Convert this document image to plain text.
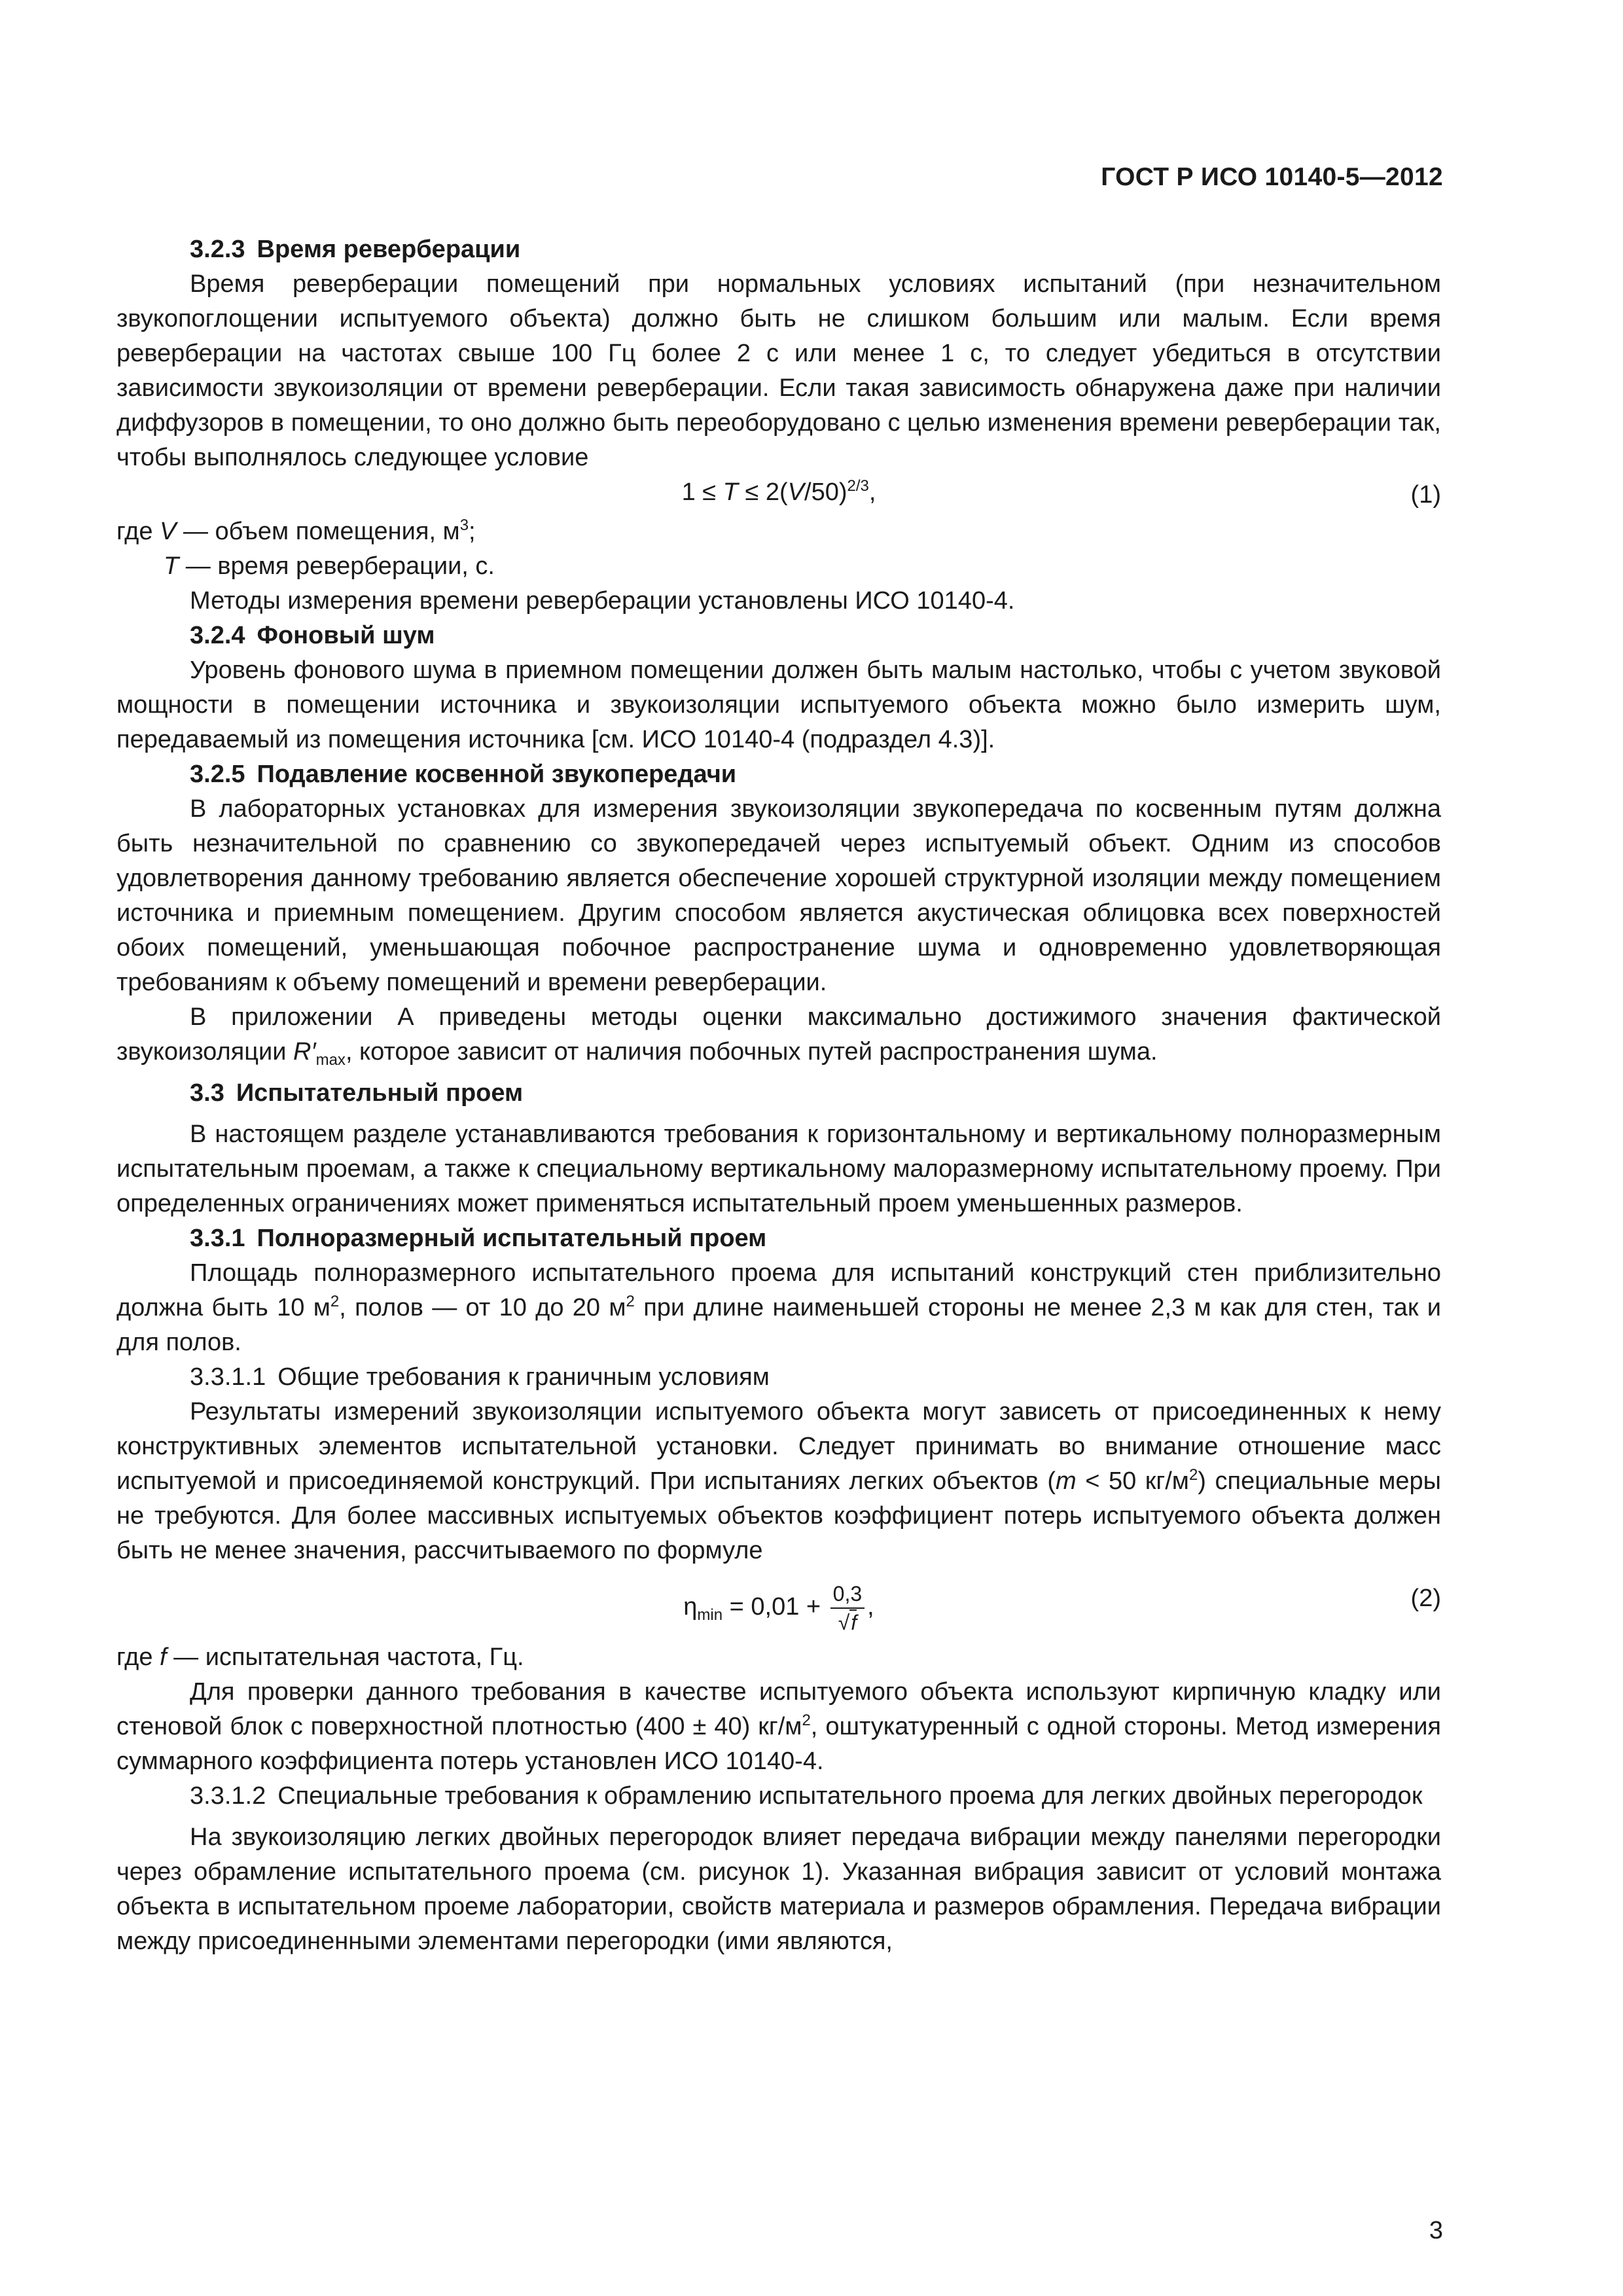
ГОСТ Р ИСО 10140-5—2012

3.2.3 Время реверберации

Время реверберации помещений при нормальных условиях испытаний (при незначительном звукопоглощении испытуемого объекта) должно быть не слишком большим или малым. Если время реверберации на частотах свыше 100 Гц более 2 с или менее 1 с, то следует убедиться в отсутствии зависимости звукоизоляции от времени реверберации. Если такая зависимость обнаружена даже при наличии диффузоров в помещении, то оно должно быть переоборудовано с целью изменения времени реверберации так, чтобы выполнялось следующее условие

$1 \le T \le 2(V/50)^{2/3}$,	(1)

где V — объем помещения, $м^3$;

T — время реверберации, с.

Методы измерения времени реверберации установлены ИСО 10140-4.

3.2.4 Фоновый шум

Уровень фонового шума в приемном помещении должен быть малым настолько, чтобы с учетом звуковой мощности в помещении источника и звукоизоляции испытуемого объекта можно было измерить шум, передаваемый из помещения источника [см. ИСО 10140-4 (подраздел 4.3)].

3.2.5 Подавление косвенной звукопередачи

В лабораторных установках для измерения звукоизоляции звукопередача по косвенным путям должна быть незначительной по сравнению со звукопередачей через испытуемый объект. Одним из способов удовлетворения данному требованию является обеспечение хорошей структурной изоляции между помещением источника и приемным помещением. Другим способом является акустическая облицовка всех поверхностей обоих помещений, уменьшающая побочное распространение шума и одновременно удовлетворяющая требованиям к объему помещений и времени реверберации.

В приложении А приведены методы оценки максимально достижимого значения фактической звукоизоляции $R'_{max}$, которое зависит от наличия побочных путей распространения шума.

3.3 Испытательный проем

В настоящем разделе устанавливаются требования к горизонтальному и вертикальному полноразмерным испытательным проемам, а также к специальному вертикальному малоразмерному испытательному проему. При определенных ограничениях может применяться испытательный проем уменьшенных размеров.

3.3.1 Полноразмерный испытательный проем

Площадь полноразмерного испытательного проема для испытаний конструкций стен приблизительно должна быть 10 $м^2$, полов — от 10 до 20 $м^2$ при длине наименьшей стороны не менее 2,3 м как для стен, так и для полов.

3.3.1.1 Общие требования к граничным условиям

Результаты измерений звукоизоляции испытуемого объекта могут зависеть от присоединенных к нему конструктивных элементов испытательной установки. Следует принимать во внимание отношение масс испытуемой и присоединяемой конструкций. При испытаниях легких объектов (m < 50 $кг/м^2$) специальные меры не требуются. Для более массивных испытуемых объектов коэффициент потерь испытуемого объекта должен быть не менее значения, рассчитываемого по формуле

$\eta_{min} = 0,01 + \frac{0,3}{√f}$ ,	(2)

где f — испытательная частота, Гц.

Для проверки данного требования в качестве испытуемого объекта используют кирпичную кладку или стеновой блок с поверхностной плотностью (400 ± 40) $кг/м^2$, оштукатуренный с одной стороны. Метод измерения суммарного коэффициента потерь установлен ИСО 10140-4.

3.3.1.2 Специальные требования к обрамлению испытательного проема для легких двойных перегородок

На звукоизоляцию легких двойных перегородок влияет передача вибрации между панелями перегородки через обрамление испытательного проема (см. рисунок 1). Указанная вибрация зависит от условий монтажа объекта в испытательном проеме лаборатории, свойств материала и размеров обрамления. Передача вибрации между присоединенными элементами перегородки (ими являются,

3
